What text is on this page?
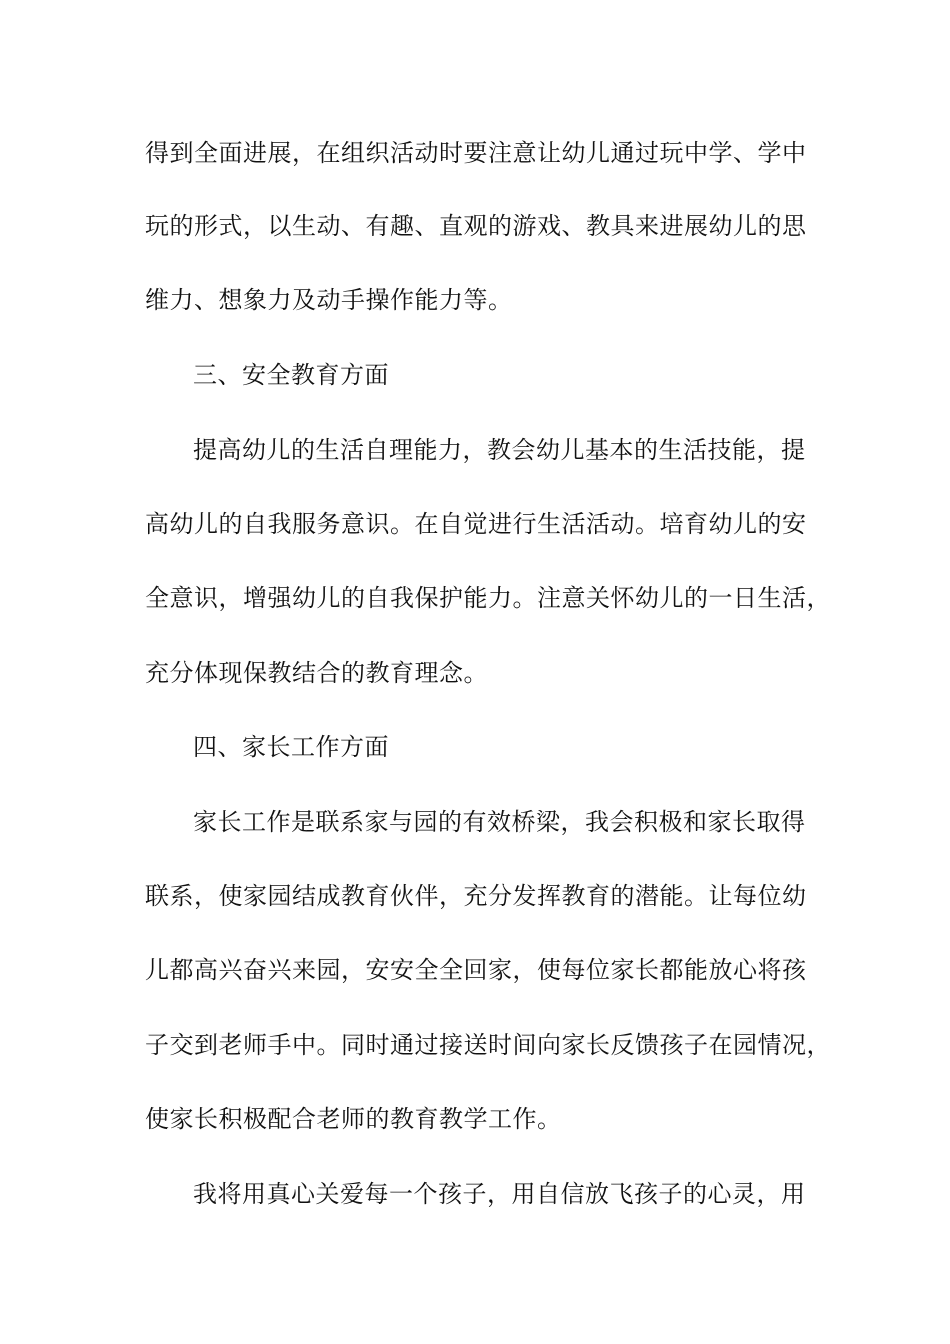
得到全面进展，在组织活动时要注意让幼儿通过玩中学、学中
玩的形式，以生动、有趣、直观的游戏、教具来进展幼儿的思
维力、想象力及动手操作能力等。
三、安全教育方面
提高幼儿的生活自理能力，教会幼儿基本的生活技能，提
高幼儿的自我服务意识。在自觉进行生活活动。培育幼儿的安
全意识，增强幼儿的自我保护能力。注意关怀幼儿的一日生活，
充分体现保教结合的教育理念。
四、家长工作方面
家长工作是联系家与园的有效桥梁，我会积极和家长取得
联系，使家园结成教育伙伴，充分发挥教育的潜能。让每位幼
儿都高兴奋兴来园，安安全全回家，使每位家长都能放心将孩
子交到老师手中。同时通过接送时间向家长反馈孩子在园情况，
使家长积极配合老师的教育教学工作。
我将用真心关爱每一个孩子，用自信放飞孩子的心灵，用
